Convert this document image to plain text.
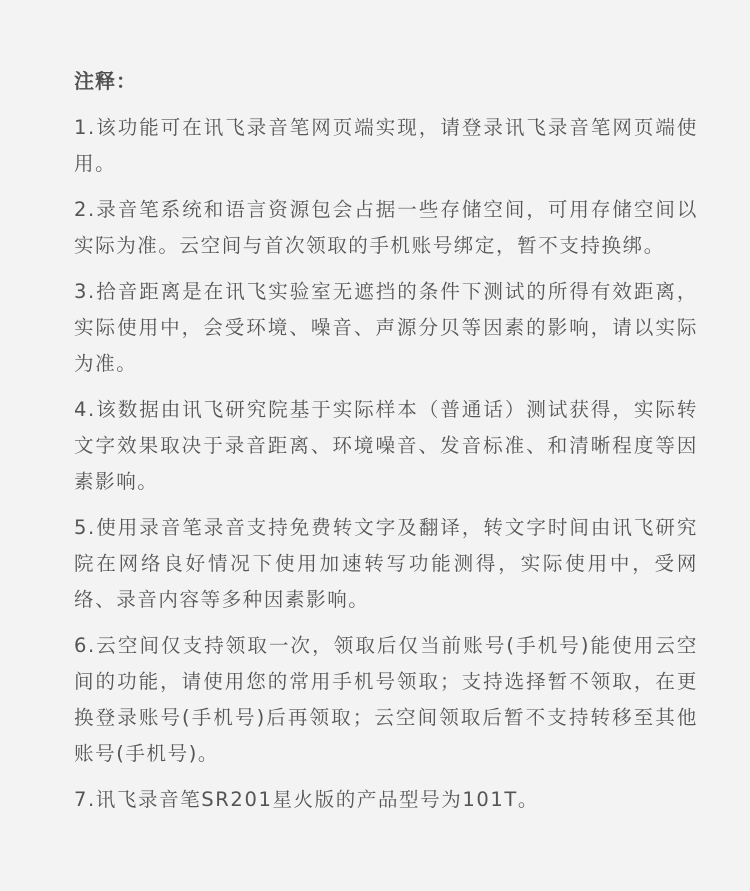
注释：
1.该功能可在讯飞录音笔网页端实现，请登录讯飞录音笔网页端使用。
2.录音笔系统和语言资源包会占据一些存储空间，可用存储空间以实际为准。云空间与首次领取的手机账号绑定，暂不支持换绑。
3.拾音距离是在讯飞实验室无遮挡的条件下测试的所得有效距离，实际使用中，会受环境、噪音、声源分贝等因素的影响，请以实际为准。
4.该数据由讯飞研究院基于实际样本（普通话）测试获得，实际转文字效果取决于录音距离、环境噪音、发音标准、和清晰程度等因素影响。
5.使用录音笔录音支持免费转文字及翻译，转文字时间由讯飞研究院在网络良好情况下使用加速转写功能测得，实际使用中，受网络、录音内容等多种因素影响。
6.云空间仅支持领取一次，领取后仅当前账号(手机号)能使用云空间的功能，请使用您的常用手机号领取；支持选择暂不领取，在更换登录账号(手机号)后再领取；云空间领取后暂不支持转移至其他账号(手机号)。
7.讯飞录音笔SR201星火版的产品型号为101T。
